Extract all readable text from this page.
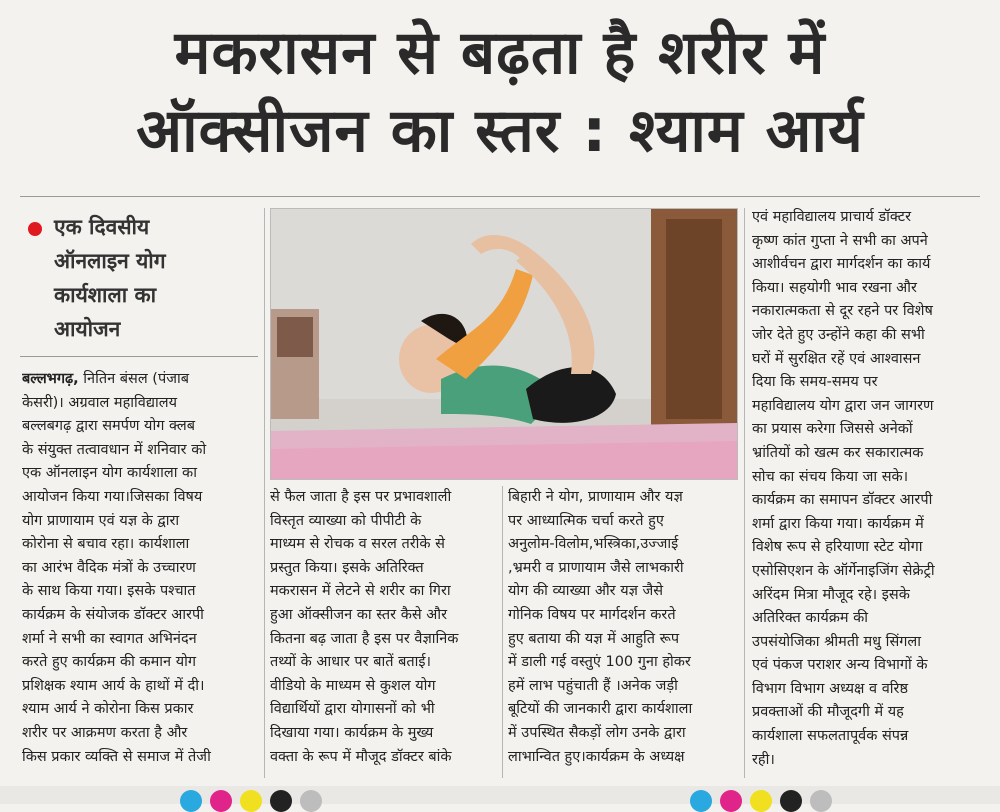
मकरासन से बढ़ता है शरीर में
ऑक्सीजन का स्तर : श्याम आर्य
एक दिवसीय
ऑनलाइन योग
कार्यशाला का
आयोजन
बल्लभगढ़, नितिन बंसल (पंजाब
केसरी)। अग्रवाल महाविद्यालय
बल्लबगढ़ द्वारा समर्पण योग क्लब
के संयुक्त तत्वावधान में शनिवार को
एक ऑनलाइन योग कार्यशाला का
आयोजन किया गया।जिसका विषय
योग प्राणायाम एवं यज्ञ के द्वारा
कोरोना से बचाव रहा। कार्यशाला
का आरंभ वैदिक मंत्रों के उच्चारण
के साथ किया गया। इसके पश्चात
कार्यक्रम के संयोजक डॉक्टर आरपी
शर्मा ने सभी का स्वागत अभिनंदन
करते हुए कार्यक्रम की कमान योग
प्रशिक्षक श्याम आर्य के हाथों में दी।
श्याम आर्य ने कोरोना किस प्रकार
शरीर पर आक्रमण करता है और
किस प्रकार व्यक्ति से समाज में तेजी
से फैल जाता है इस पर प्रभावशाली
विस्तृत व्याख्या को पीपीटी के
माध्यम से रोचक व सरल तरीके से
प्रस्तुत किया। इसके अतिरिक्त
मकरासन में लेटने से शरीर का गिरा
हुआ ऑक्सीजन का स्तर कैसे और
कितना बढ़ जाता है इस पर वैज्ञानिक
तथ्यों के आधार पर बातें बताई।
वीडियो के माध्यम से कुशल योग
विद्यार्थियों द्वारा योगासनों को भी
दिखाया गया। कार्यक्रम के मुख्य
वक्ता के रूप में मौजूद डॉक्टर बांके
बिहारी ने योग, प्राणायाम और यज्ञ
पर आध्यात्मिक चर्चा करते हुए
अनुलोम-विलोम,भस्त्रिका,उज्जाई
,भ्रमरी व प्राणायाम जैसे लाभकारी
योग की व्याख्या और यज्ञ जैसे
गोनिक विषय पर मार्गदर्शन करते
हुए बताया की यज्ञ में आहुति रूप
में डाली गई वस्तुएं 100 गुना होकर
हमें लाभ पहुंचाती हैं ।अनेक जड़ी
बूटियों की जानकारी द्वारा कार्यशाला
में उपस्थित सैकड़ों लोग उनके द्वारा
लाभान्वित हुए।कार्यक्रम के अध्यक्ष
एवं महाविद्यालय प्राचार्य डॉक्टर
कृष्ण कांत गुप्ता ने सभी का अपने
आशीर्वचन द्वारा मार्गदर्शन का कार्य
किया। सहयोगी भाव रखना और
नकारात्मकता से दूर रहने पर विशेष
जोर देते हुए उन्होंने कहा की सभी
घरों में सुरक्षित रहें एवं आश्वासन
दिया कि समय-समय पर
महाविद्यालय योग द्वारा जन जागरण
का प्रयास करेगा जिससे अनेकों
भ्रांतियों को खत्म कर सकारात्मक
सोच का संचय किया जा सके।
कार्यक्रम का समापन डॉक्टर आरपी
शर्मा द्वारा किया गया। कार्यक्रम में
विशेष रूप से हरियाणा स्टेट योगा
एसोसिएशन के ऑर्गेनाइजिंग सेक्रेट्री
अरिंदम मित्रा मौजूद रहे। इसके
अतिरिक्त कार्यक्रम की
उपसंयोजिका श्रीमती मधु सिंगला
एवं पंकज पराशर अन्य विभागों के
विभाग विभाग अध्यक्ष व वरिष्ठ
प्रवक्ताओं की मौजूदगी में यह
कार्यशाला सफलतापूर्वक संपन्न
रही।
